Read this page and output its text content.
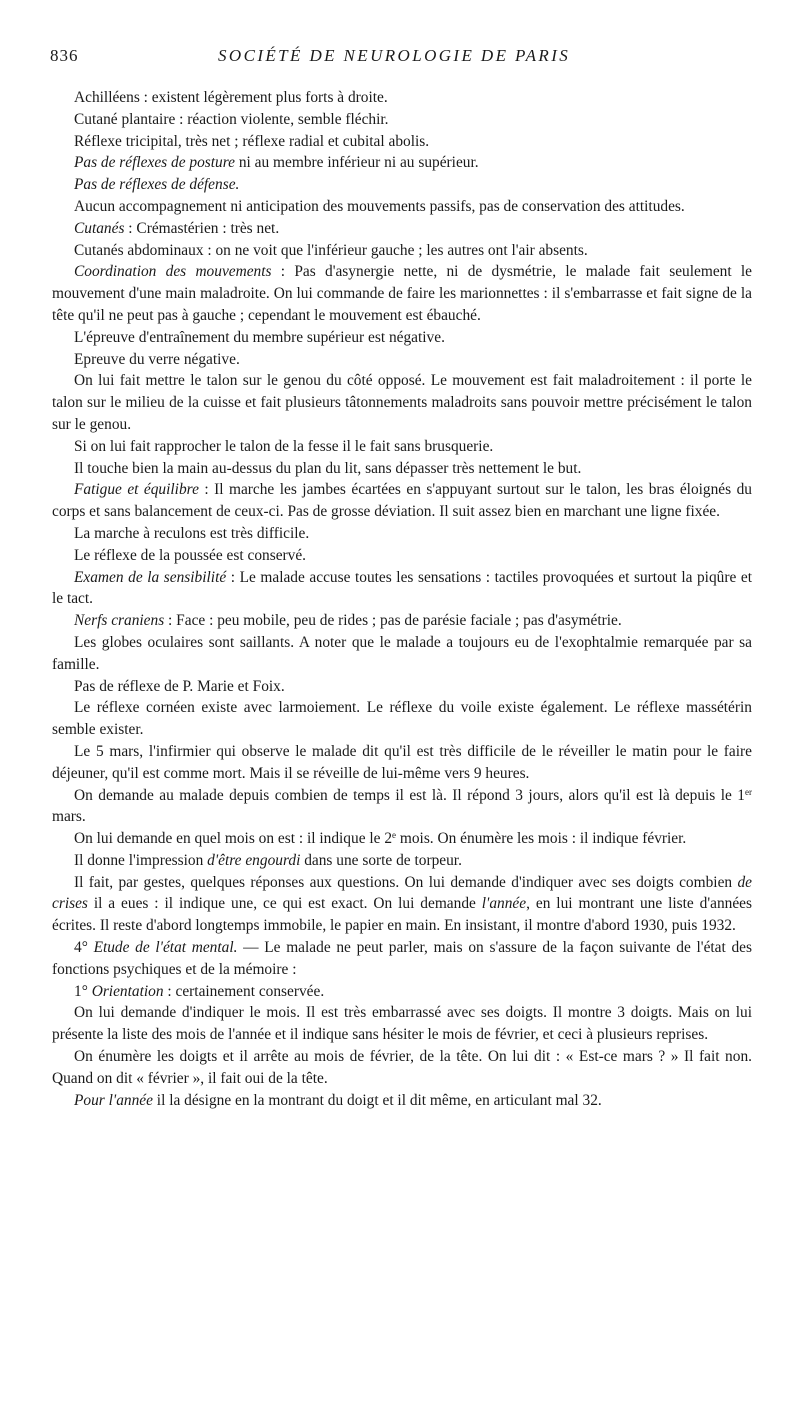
836	SOCIÉTÉ DE NEUROLOGIE DE PARIS

Achilléens : existent légèrement plus forts à droite.

Cutané plantaire : réaction violente, semble fléchir.

Réflexe tricipital, très net ; réflexe radial et cubital abolis.

Pas de réflexes de posture ni au membre inférieur ni au supérieur.

Pas de réflexes de défense.

Aucun accompagnement ni anticipation des mouvements passifs, pas de conservation des attitudes.

Cutanés : Crémastérien : très net.

Cutanés abdominaux : on ne voit que l'inférieur gauche ; les autres ont l'air absents.

Coordination des mouvements : Pas d'asynergie nette, ni de dysmétrie, le malade fait seulement le mouvement d'une main maladroite. On lui commande de faire les marionnettes : il s'embarrasse et fait signe de la tête qu'il ne peut pas à gauche ; cependant le mouvement est ébauché.

L'épreuve d'entraînement du membre supérieur est négative.

Epreuve du verre négative.

On lui fait mettre le talon sur le genou du côté opposé. Le mouvement est fait maladroitement : il porte le talon sur le milieu de la cuisse et fait plusieurs tâtonnements maladroits sans pouvoir mettre précisément le talon sur le genou.

Si on lui fait rapprocher le talon de la fesse il le fait sans brusquerie.

Il touche bien la main au-dessus du plan du lit, sans dépasser très nettement le but.

Fatigue et équilibre : Il marche les jambes écartées en s'appuyant surtout sur le talon, les bras éloignés du corps et sans balancement de ceux-ci. Pas de grosse déviation. Il suit assez bien en marchant une ligne fixée.

La marche à reculons est très difficile.

Le réflexe de la poussée est conservé.

Examen de la sensibilité : Le malade accuse toutes les sensations : tactiles provoquées et surtout la piqûre et le tact.

Nerfs craniens : Face : peu mobile, peu de rides ; pas de parésie faciale ; pas d'asymétrie.

Les globes oculaires sont saillants. A noter que le malade a toujours eu de l'exophtalmie remarquée par sa famille.

Pas de réflexe de P. Marie et Foix.

Le réflexe cornéen existe avec larmoiement. Le réflexe du voile existe également. Le réflexe massétérin semble exister.

Le 5 mars, l'infirmier qui observe le malade dit qu'il est très difficile de le réveiller le matin pour le faire déjeuner, qu'il est comme mort. Mais il se réveille de lui-même vers 9 heures.

On demande au malade depuis combien de temps il est là. Il répond 3 jours, alors qu'il est là depuis le 1er mars.

On lui demande en quel mois on est : il indique le 2e mois. On énumère les mois : il indique février.

Il donne l'impression d'être engourdi dans une sorte de torpeur.

Il fait, par gestes, quelques réponses aux questions. On lui demande d'indiquer avec ses doigts combien de crises il a eues : il indique une, ce qui est exact. On lui demande l'année, en lui montrant une liste d'années écrites. Il reste d'abord longtemps immobile, le papier en main. En insistant, il montre d'abord 1930, puis 1932.

4° Etude de l'état mental. — Le malade ne peut parler, mais on s'assure de la façon suivante de l'état des fonctions psychiques et de la mémoire :

1° Orientation : certainement conservée.

On lui demande d'indiquer le mois. Il est très embarrassé avec ses doigts. Il montre 3 doigts. Mais on lui présente la liste des mois de l'année et il indique sans hésiter le mois de février, et ceci à plusieurs reprises.

On énumère les doigts et il arrête au mois de février, de la tête. On lui dit : « Est-ce mars ? » Il fait non. Quand on dit « février », il fait oui de la tête.

Pour l'année il la désigne en la montrant du doigt et il dit même, en articulant mal 32.
